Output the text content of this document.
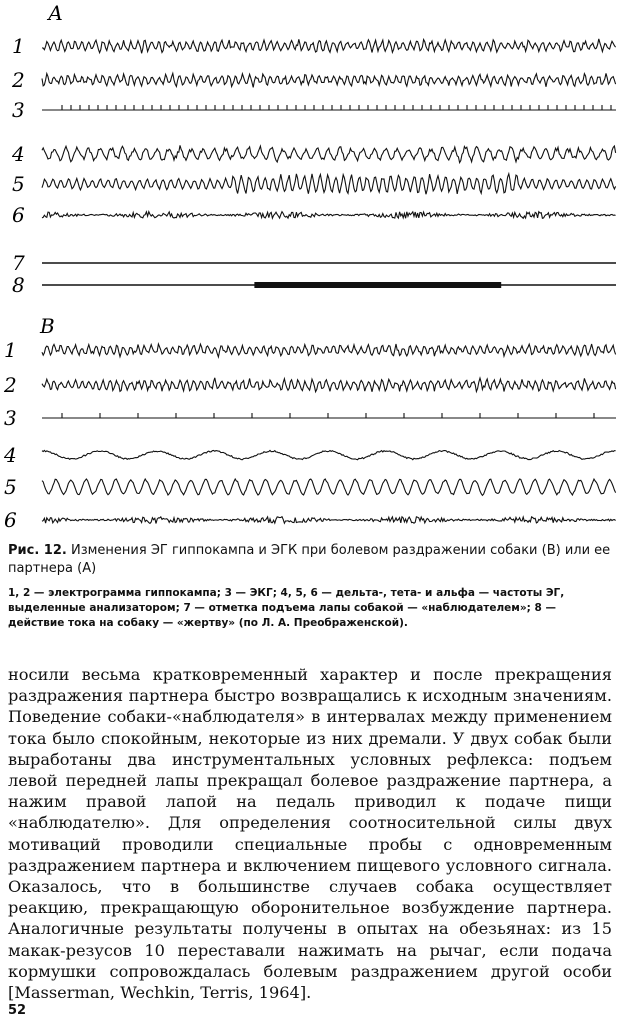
А
1
2
3
4
5
6
7
8
В
1
2
3
4
5
6
Рис. 12. Изменения ЭГ гиппокампа и ЭГК при болевом раздражении собаки (В) или ее партнера (А)
1, 2 — электрограмма гиппокампа; 3 — ЭКГ; 4, 5, 6 — дельта-, тета- и альфа — частоты ЭГ, выделенные анализатором; 7 — отметка подъема лапы собакой — «наблюдателем»; 8 — действие тока на собаку — «жертву» (по Л. А. Преображенской).

носили весьма кратковременный характер и после прекращения раздражения партнера быстро возвращались к исходным значениям. Поведение собаки-«наблюдателя» в интервалах между применением тока было спокойным, некоторые из них дремали. У двух собак были выработаны два инструментальных условных рефлекса: подъем левой передней лапы прекращал болевое раздражение партнера, а нажим правой лапой на педаль приводил к подаче пищи «наблюдателю». Для определения соотносительной силы двух мотиваций проводили специальные пробы с одновременным раздражением партнера и включением пищевого условного сигнала. Оказалось, что в большинстве случаев собака осуществляет реакцию, прекращающую оборонительное возбуждение партнера. Аналогичные результаты получены в опытах на обезьянах: из 15 макак-резусов 10 переставали нажимать на рычаг, если подача кормушки сопровождалась болевым раздражением другой особи [Masserman, Wechkin, Terris, 1964].

52
